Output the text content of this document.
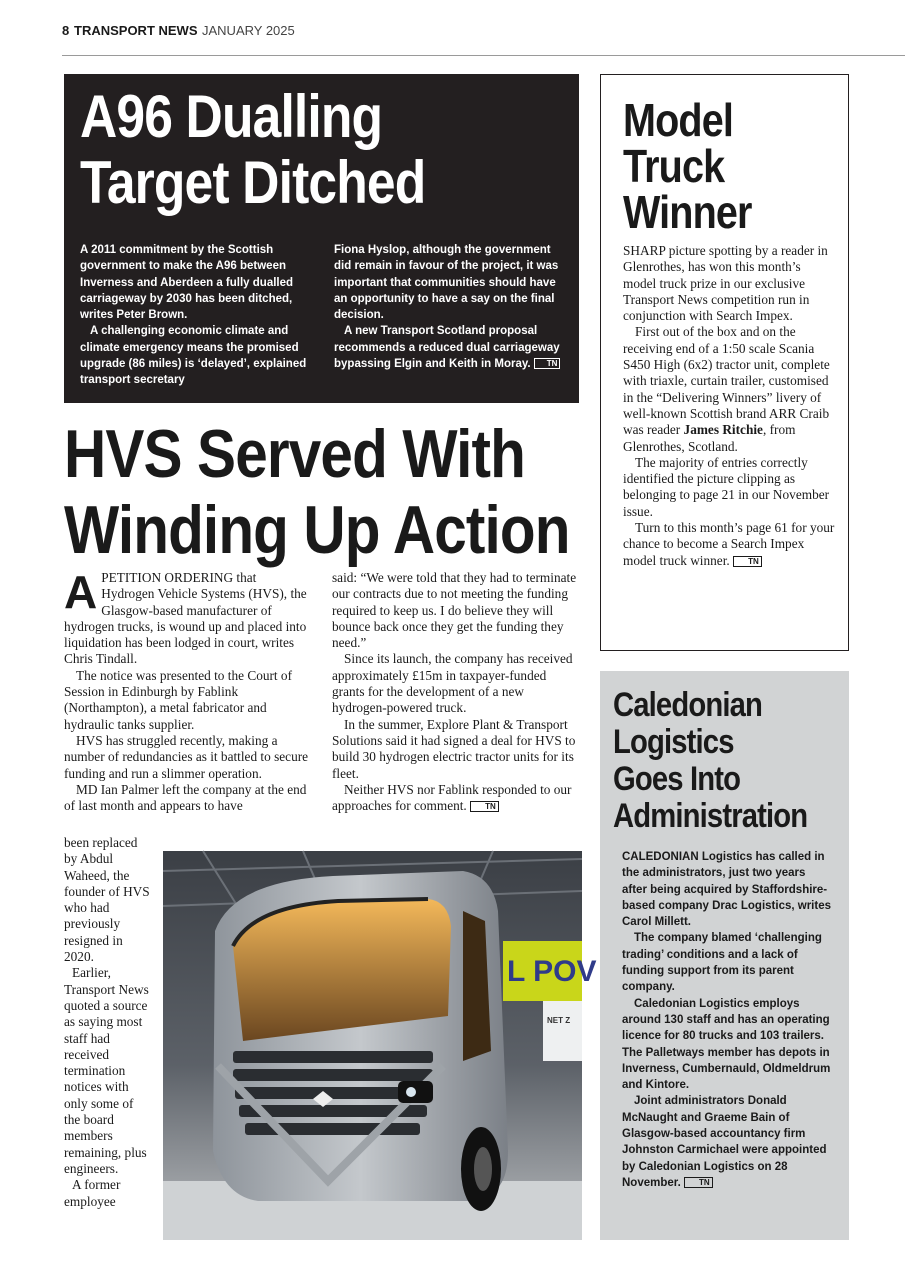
8 TRANSPORT NEWS JANUARY 2025
A96 Dualling
Target Ditched

A 2011 commitment by the Scottish government to make the A96 between Inverness and Aberdeen a fully dualled carriageway by 2030 has been ditched, writes Peter Brown.

A challenging economic climate and climate emergency means the promised upgrade (86 miles) is ‘delayed’, explained transport secretary

Fiona Hyslop, although the government did remain in favour of the project, it was important that communities should have an opportunity to have a say on the final decision.

A new Transport Scotland proposal recommends a reduced dual carriageway bypassing Elgin and Keith in Moray. TN

HVS Served With
Winding Up Action

APETITION ORDERING that Hydrogen Vehicle Systems (HVS), the Glasgow-based manufacturer of hydrogen trucks, is wound up and placed into liquidation has been lodged in court, writes Chris Tindall.

The notice was presented to the Court of Session in Edinburgh by Fablink (Northampton), a metal fabricator and hydraulic tanks supplier.

HVS has struggled recently, making a number of redundancies as it battled to secure funding and run a slimmer operation.

MD Ian Palmer left the company at the end of last month and appears to have

been replaced by Abdul Waheed, the founder of HVS who had previously resigned in 2020.

Earlier, Transport News quoted a source as saying most staff had received termination notices with only some of the board members remaining, plus engineers.

A former employee

said: “We were told that they had to terminate our contracts due to not meeting the funding required to keep us. I do believe they will bounce back once they get the funding they need.”

Since its launch, the company has received approximately £15m in taxpayer-funded grants for the development of a new hydrogen-powered truck.

In the summer, Explore Plant & Transport Solutions said it had signed a deal for HVS to build 30 hydrogen electric tractor units for its fleet.

Neither HVS nor Fablink responded to our approaches for comment. TN

L POV
NET Z
Model
Truck
Winner

SHARP picture spotting by a reader in Glenrothes, has won this month’s model truck prize in our exclusive Transport News competition run in conjunction with Search Impex.

First out of the box and on the receiving end of a 1:50 scale Scania S450 High (6x2) tractor unit, complete with triaxle, curtain trailer, customised in the “Delivering Winners” livery of well-known Scottish brand ARR Craib was reader James Ritchie, from Glenrothes, Scotland.

The majority of entries correctly identified the picture clipping as belonging to page 21 in our November issue.

Turn to this month’s page 61 for your chance to become a Search Impex model truck winner. TN

Caledonian
Logistics
Goes Into
Administration

CALEDONIAN Logistics has called in the administrators, just two years after being acquired by Staffordshire-based company Drac Logistics, writes Carol Millett.

The company blamed ‘challenging trading’ conditions and a lack of funding support from its parent company.

Caledonian Logistics employs around 130 staff and has an operating licence for 80 trucks and 103 trailers. The Palletways member has depots in Inverness, Cumbernauld, Oldmeldrum and Kintore.

Joint administrators Donald McNaught and Graeme Bain of Glasgow-based accountancy firm Johnston Carmichael were appointed by Caledonian Logistics on 28 November. TN
